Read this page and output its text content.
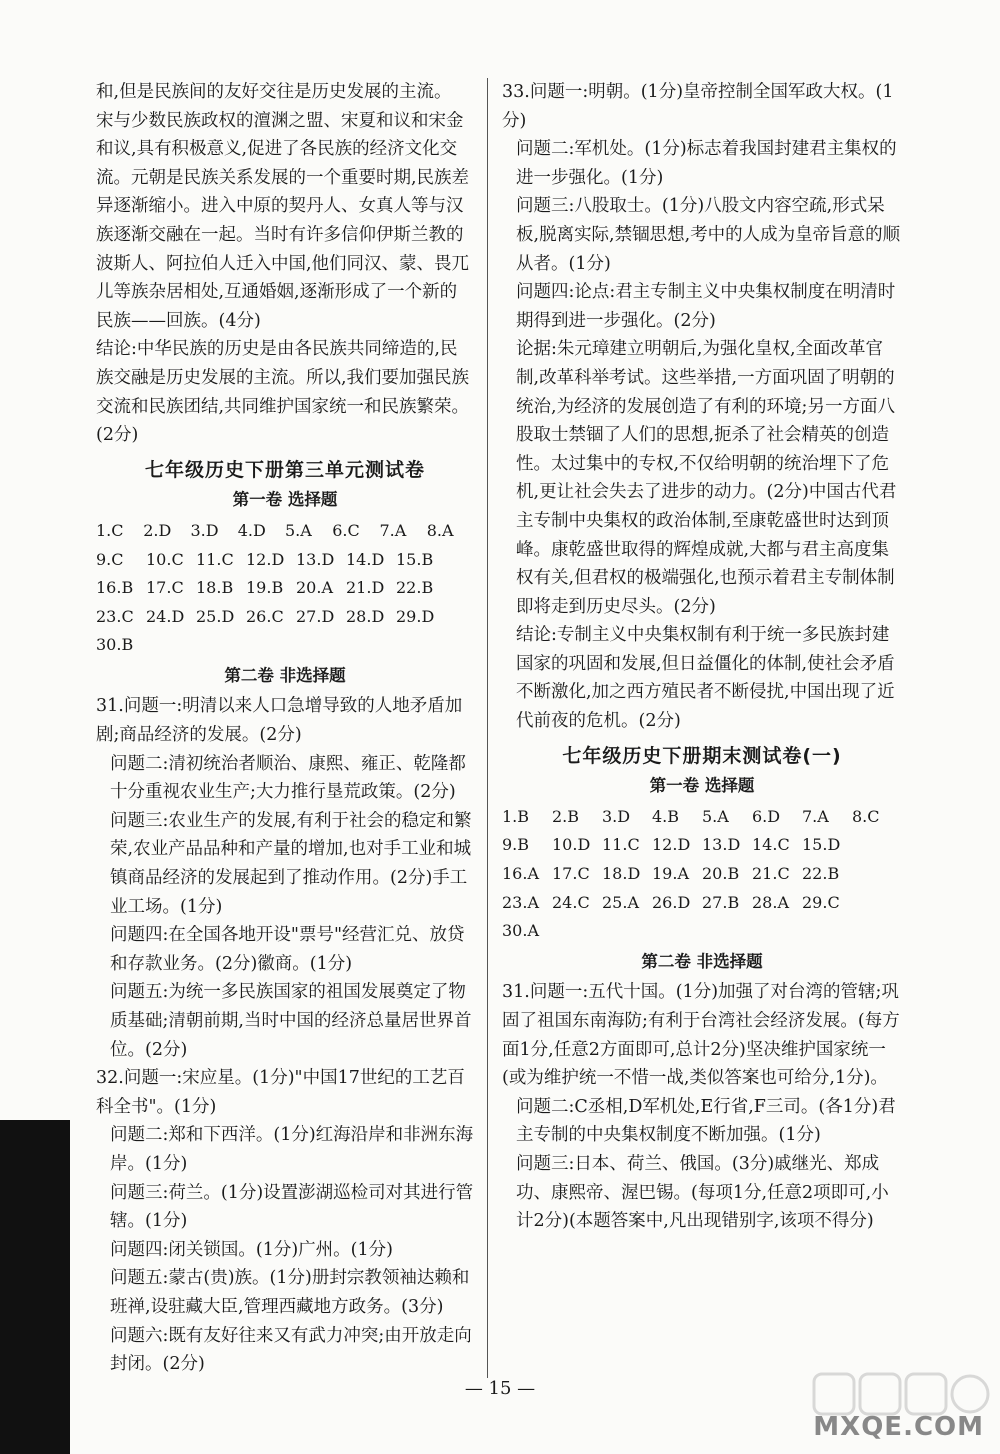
和,但是民族间的友好交往是历史发展的主流。

宋与少数民族政权的澶渊之盟、宋夏和议和宋金和议,具有积极意义,促进了各民族的经济文化交流。元朝是民族关系发展的一个重要时期,民族差异逐渐缩小。进入中原的契丹人、女真人等与汉族逐渐交融在一起。当时有许多信仰伊斯兰教的波斯人、阿拉伯人迁入中国,他们同汉、蒙、畏兀儿等族杂居相处,互通婚姻,逐渐形成了一个新的民族——回族。(4分)

结论:中华民族的历史是由各民族共同缔造的,民族交融是历史发展的主流。所以,我们要加强民族交流和民族团结,共同维护国家统一和民族繁荣。(2分)

七年级历史下册第三单元测试卷
第一卷 选择题
1.C	2.D	3.D	4.D	5.A	6.C	7.A	8.A
9.C	10.C 11.C 12.D 13.D 14.D 15.B
16.B 17.C 18.B 19.B 20.A 21.D 22.B
23.C 24.D 25.D 26.C 27.D 28.D 29.D
30.B
第二卷 非选择题

31.问题一:明清以来人口急增导致的人地矛盾加剧;商品经济的发展。(2分)

问题二:清初统治者顺治、康熙、雍正、乾隆都十分重视农业生产;大力推行垦荒政策。(2分)

问题三:农业生产的发展,有利于社会的稳定和繁荣,农业产品品种和产量的增加,也对手工业和城镇商品经济的发展起到了推动作用。(2分)手工业工场。(1分)

问题四:在全国各地开设"票号"经营汇兑、放贷和存款业务。(2分)徽商。(1分)

问题五:为统一多民族国家的祖国发展奠定了物质基础;清朝前期,当时中国的经济总量居世界首位。(2分)

32.问题一:宋应星。(1分)"中国17世纪的工艺百科全书"。(1分)

问题二:郑和下西洋。(1分)红海沿岸和非洲东海岸。(1分)

问题三:荷兰。(1分)设置澎湖巡检司对其进行管辖。(1分)

问题四:闭关锁国。(1分)广州。(1分)

问题五:蒙古(贵)族。(1分)册封宗教领袖达赖和班禅,设驻藏大臣,管理西藏地方政务。(3分)

问题六:既有友好往来又有武力冲突;由开放走向封闭。(2分)

33.问题一:明朝。(1分)皇帝控制全国军政大权。(1分)

问题二:军机处。(1分)标志着我国封建君主集权的进一步强化。(1分)

问题三:八股取士。(1分)八股文内容空疏,形式呆板,脱离实际,禁锢思想,考中的人成为皇帝旨意的顺从者。(1分)

问题四:论点:君主专制主义中央集权制度在明清时期得到进一步强化。(2分)

论据:朱元璋建立明朝后,为强化皇权,全面改革官制,改革科举考试。这些举措,一方面巩固了明朝的统治,为经济的发展创造了有利的环境;另一方面八股取士禁锢了人们的思想,扼杀了社会精英的创造性。太过集中的专权,不仅给明朝的统治埋下了危机,更让社会失去了进步的动力。(2分)中国古代君主专制中央集权的政治体制,至康乾盛世时达到顶峰。康乾盛世取得的辉煌成就,大都与君主高度集权有关,但君权的极端强化,也预示着君主专制体制即将走到历史尽头。(2分)

结论:专制主义中央集权制有利于统一多民族封建国家的巩固和发展,但日益僵化的体制,使社会矛盾不断激化,加之西方殖民者不断侵扰,中国出现了近代前夜的危机。(2分)

七年级历史下册期末测试卷(一)
第一卷 选择题
1.B	2.B	3.D	4.B	5.A	6.D	7.A	8.C
9.B	10.D 11.C 12.D 13.D 14.C 15.D
16.A 17.C 18.D 19.A 20.B 21.C 22.B
23.A 24.C 25.A 26.D 27.B 28.A 29.C
30.A
第二卷 非选择题

31.问题一:五代十国。(1分)加强了对台湾的管辖;巩固了祖国东南海防;有利于台湾社会经济发展。(每方面1分,任意2方面即可,总计2分)坚决维护国家统一(或为维护统一不惜一战,类似答案也可给分,1分)。

问题二:C丞相,D军机处,E行省,F三司。(各1分)君主专制的中央集权制度不断加强。(1分)

问题三:日本、荷兰、俄国。(3分)戚继光、郑成功、康熙帝、渥巴锡。(每项1分,任意2项即可,小计2分)(本题答案中,凡出现错别字,该项不得分)

— 15 —
MXQE.COM
